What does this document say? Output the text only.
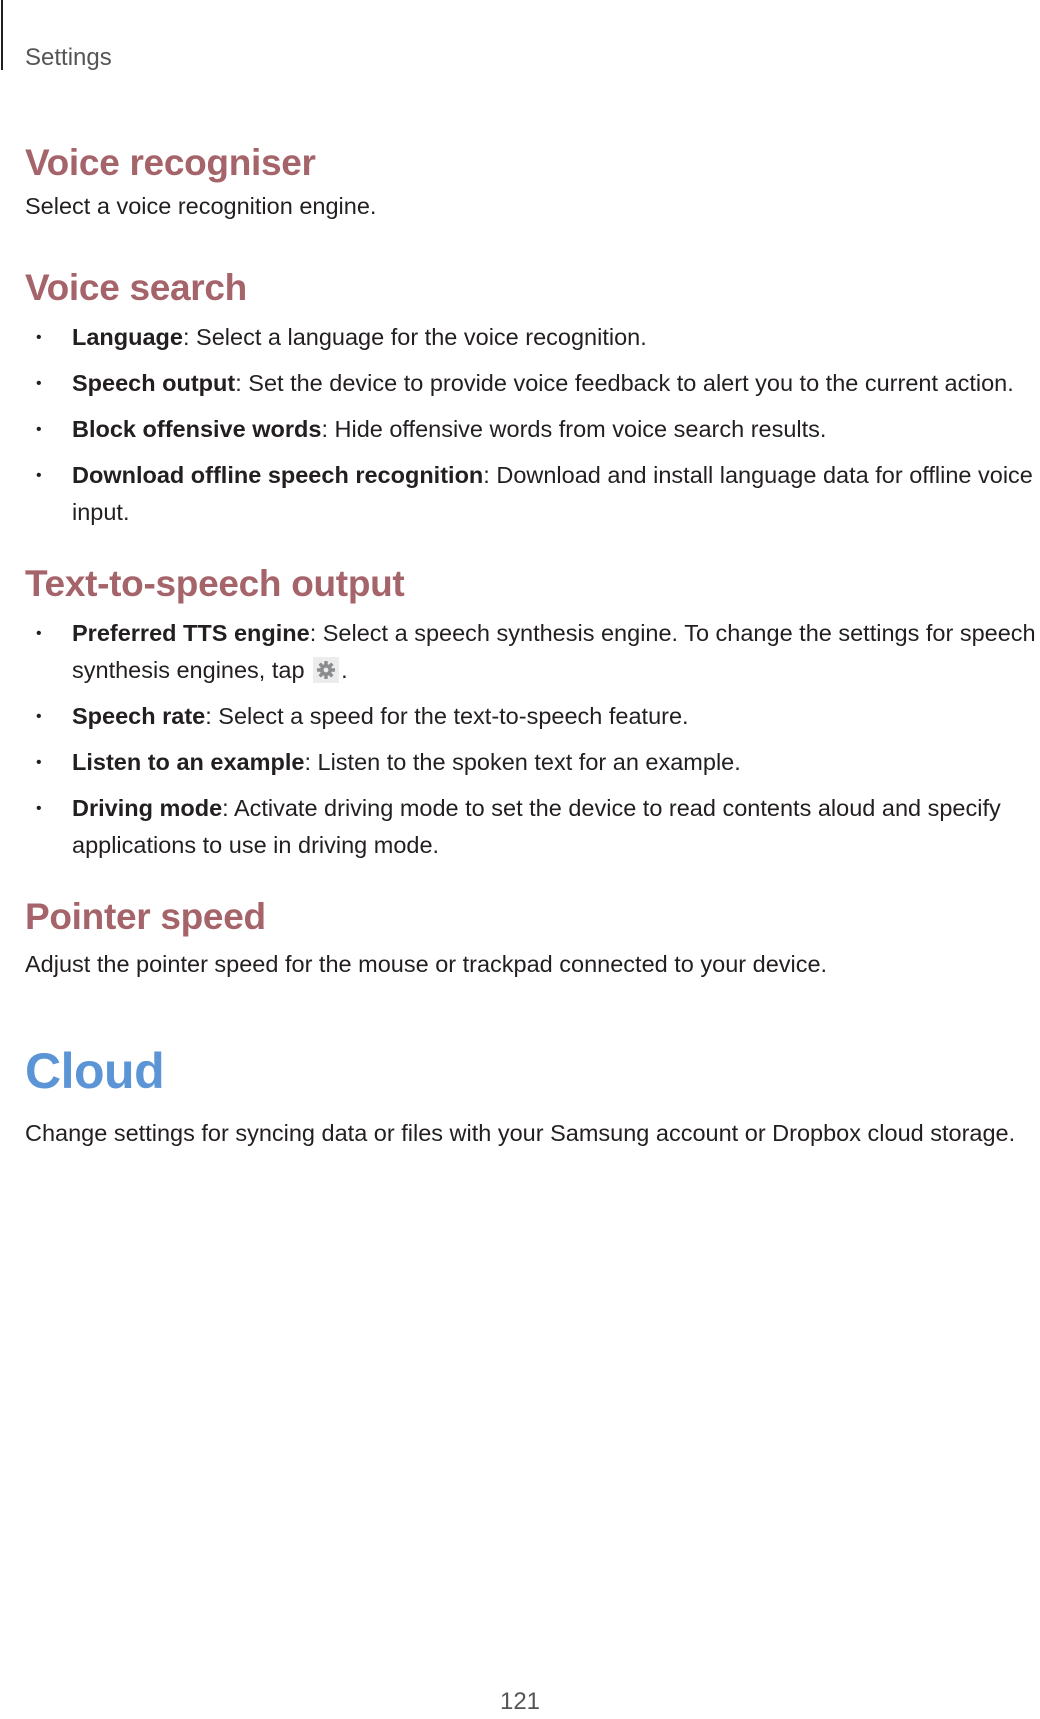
Settings
Voice recogniser

Select a voice recognition engine.

Voice search
• Language: Select a language for the voice recognition.
• Speech output: Set the device to provide voice feedback to alert you to the current action.
• Block offensive words: Hide offensive words from voice search results.
• Download offline speech recognition: Download and install language data for offline voice input.
Text-to-speech output
• Preferred TTS engine: Select a speech synthesis engine. To change the settings for speech synthesis engines, tap .
• Speech rate: Select a speed for the text-to-speech feature.
• Listen to an example: Listen to the spoken text for an example.
• Driving mode: Activate driving mode to set the device to read contents aloud and specify applications to use in driving mode.
Pointer speed

Adjust the pointer speed for the mouse or trackpad connected to your device.

Cloud

Change settings for syncing data or files with your Samsung account or Dropbox cloud storage.

121
